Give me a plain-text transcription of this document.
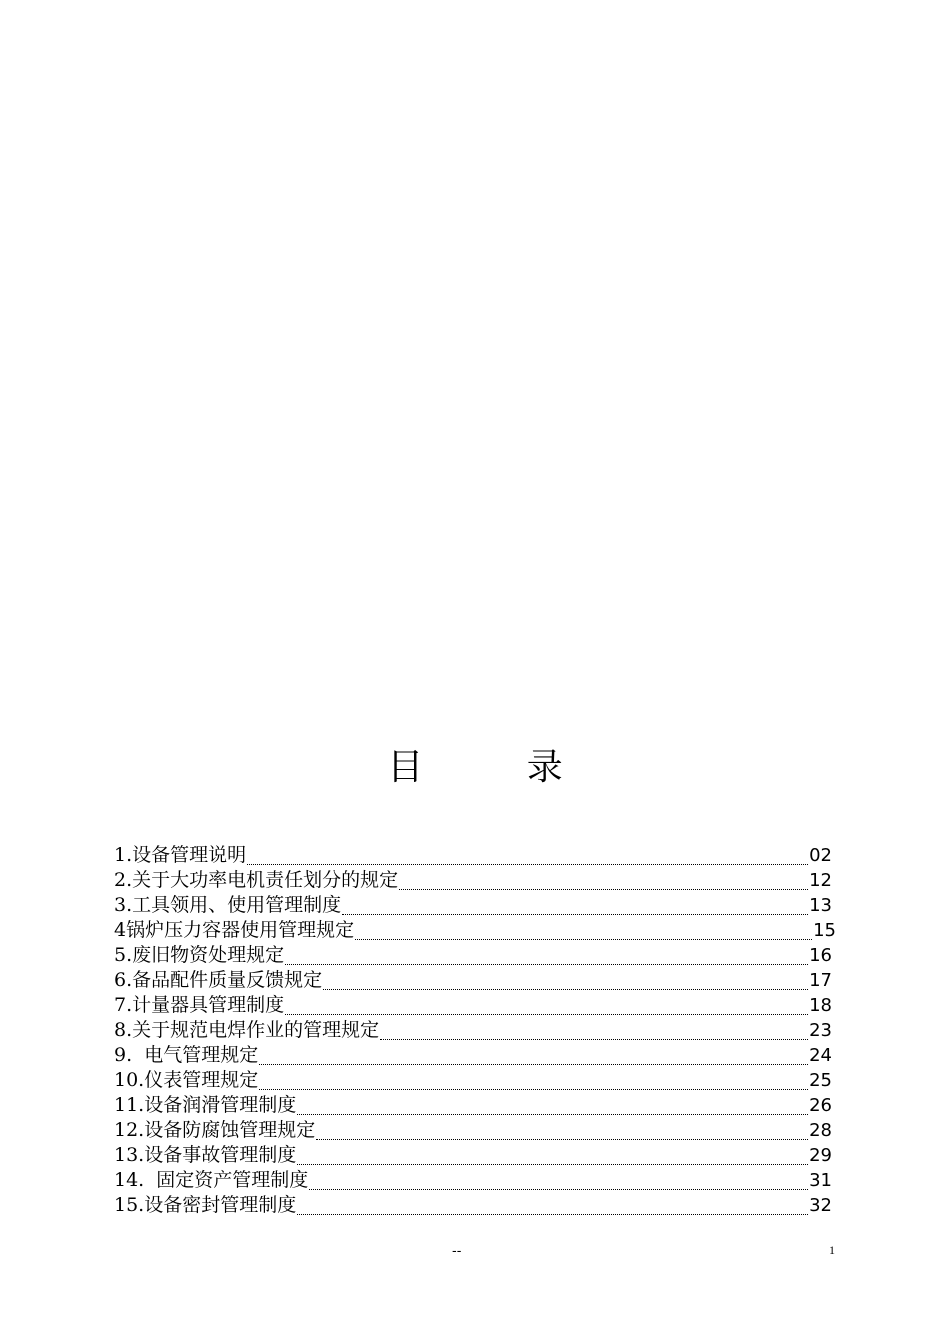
目 录
1.设备管理说明	02
2.关于大功率电机责任划分的规定	12
3.工具领用、使用管理制度	13
4锅炉压力容器使用管理规定	15
5.废旧物资处理规定	16
6.备品配件质量反馈规定	17
7.计量器具管理制度	18
8.关于规范电焊作业的管理规定	23
9.  电气管理规定	24
10.仪表管理规定	25
11.设备润滑管理制度	26
12.设备防腐蚀管理规定	28
13.设备事故管理制度	29
14.  固定资产管理制度	31
15.设备密封管理制度	32
--	1
